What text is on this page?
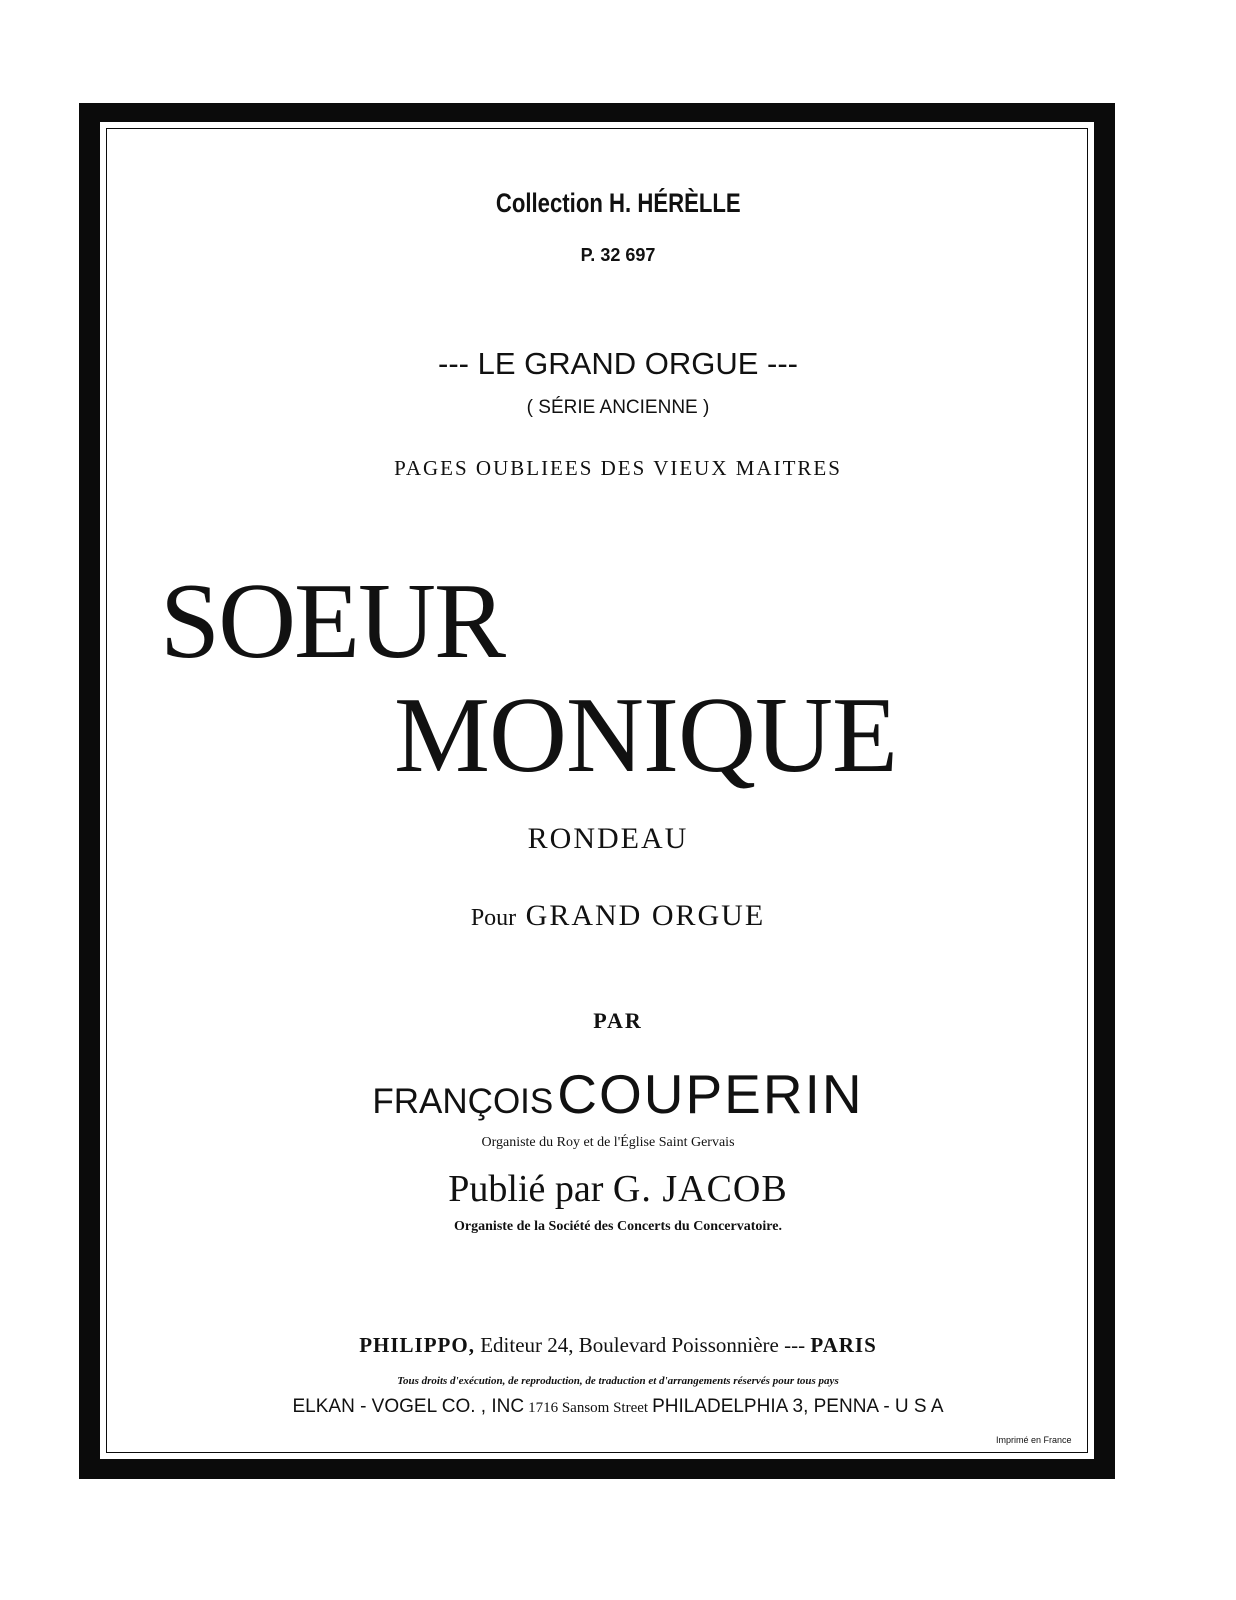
Collection H. HÉRÈLLE
P. 32 697
--- LE GRAND ORGUE ---
( SÉRIE ANCIENNE )
PAGES OUBLIEES DES VIEUX MAITRES
SOEUR
MONIQUE
RONDEAU
Pour GRAND ORGUE
PAR
FRANÇOIS COUPERIN
Organiste du Roy et de l'Église Saint Gervais
Publié par G. JACOB
Organiste de la Société des Concerts du Concervatoire.
PHILIPPO, Editeur 24, Boulevard Poissonnière --- PARIS
Tous droits d'exécution, de reproduction, de traduction et d'arrangements réservés pour tous pays
ELKAN - VOGEL CO. , INC 1716 Sansom Street PHILADELPHIA 3, PENNA - U S A
Imprimé en France
